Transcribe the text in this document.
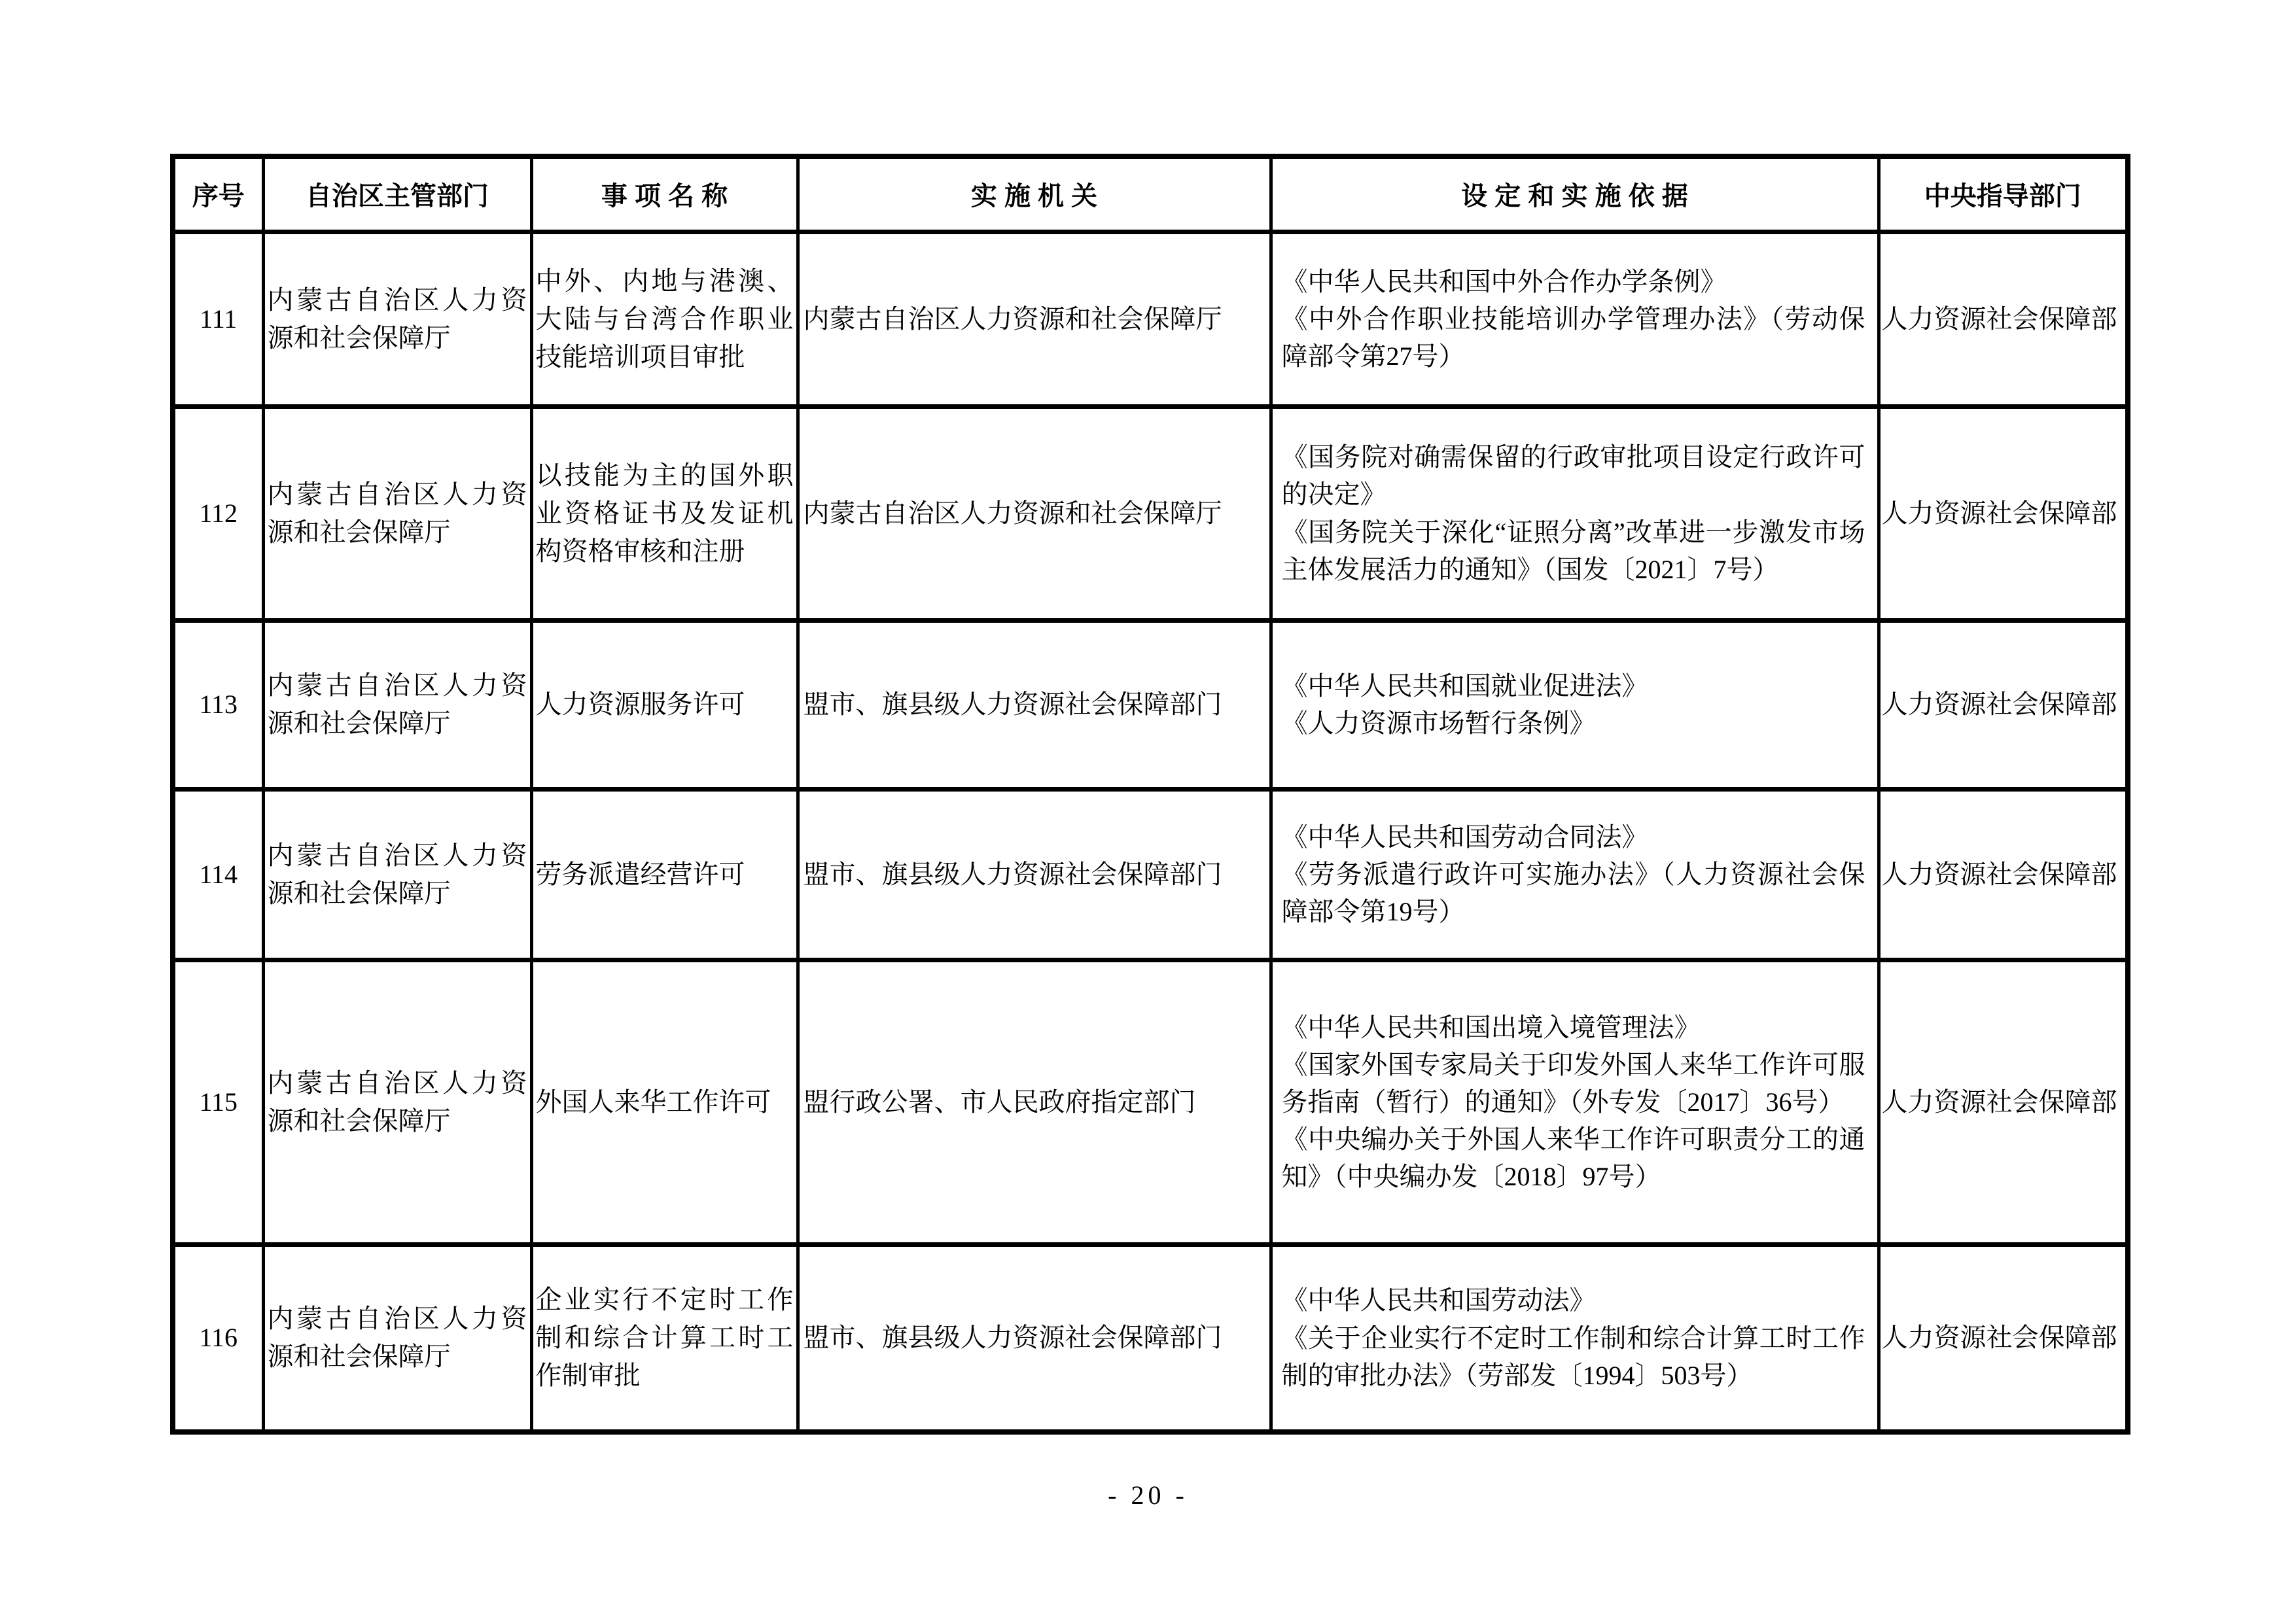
序号	自治区主管部门	事 项 名 称	实 施 机 关	设 定 和 实 施 依 据	中央指导部门
111	内蒙古自治区人力资源和社会保障厅	中外、内地与港澳、大陆与台湾合作职业技能培训项目审批	内蒙古自治区人力资源和社会保障厅	《中华人民共和国中外合作办学条例》
《中外合作职业技能培训办学管理办法》（劳动保障部令第27号）	人力资源社会保障部
112	内蒙古自治区人力资源和社会保障厅	以技能为主的国外职业资格证书及发证机构资格审核和注册	内蒙古自治区人力资源和社会保障厅	《国务院对确需保留的行政审批项目设定行政许可的决定》
《国务院关于深化“证照分离”改革进一步激发市场主体发展活力的通知》（国发〔2021〕7号）	人力资源社会保障部
113	内蒙古自治区人力资源和社会保障厅	人力资源服务许可	盟市、旗县级人力资源社会保障部门	《中华人民共和国就业促进法》
《人力资源市场暂行条例》	人力资源社会保障部
114	内蒙古自治区人力资源和社会保障厅	劳务派遣经营许可	盟市、旗县级人力资源社会保障部门	《中华人民共和国劳动合同法》
《劳务派遣行政许可实施办法》（人力资源社会保障部令第19号）	人力资源社会保障部
115	内蒙古自治区人力资源和社会保障厅	外国人来华工作许可	盟行政公署、市人民政府指定部门	《中华人民共和国出境入境管理法》
《国家外国专家局关于印发外国人来华工作许可服务指南（暂行）的通知》（外专发〔2017〕36号）
《中央编办关于外国人来华工作许可职责分工的通知》（中央编办发〔2018〕97号）	人力资源社会保障部
116	内蒙古自治区人力资源和社会保障厅	企业实行不定时工作制和综合计算工时工作制审批	盟市、旗县级人力资源社会保障部门	《中华人民共和国劳动法》
《关于企业实行不定时工作制和综合计算工时工作制的审批办法》（劳部发〔1994〕503号）	人力资源社会保障部
- 20 -
